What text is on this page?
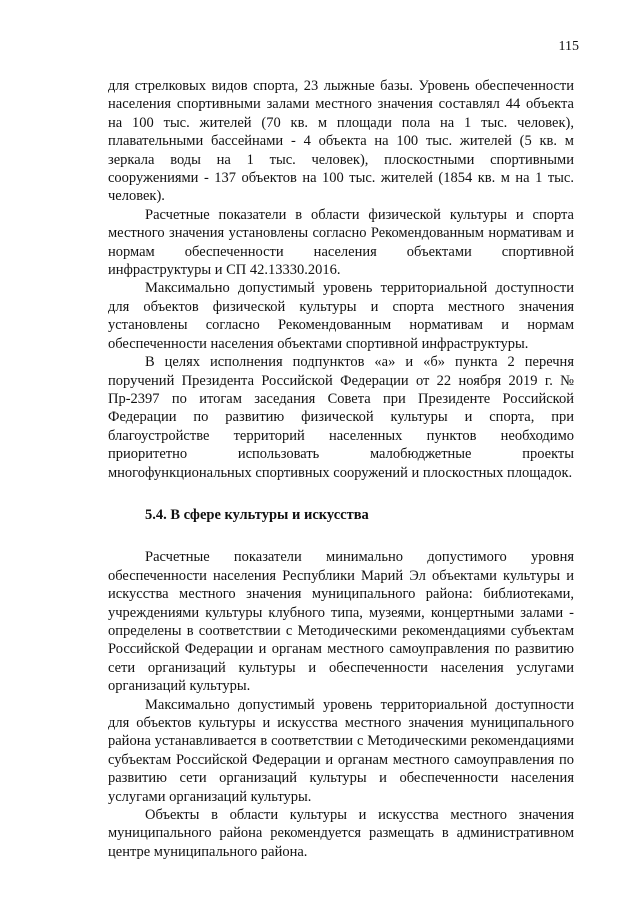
115

для стрелковых видов спорта, 23 лыжные базы. Уровень обеспеченности населения спортивными залами местного значения составлял 44 объекта на 100 тыс. жителей (70 кв. м площади пола на 1 тыс. человек), плавательными бассейнами - 4 объекта на 100 тыс. жителей (5 кв. м зеркала воды на 1 тыс. человек), плоскостными спортивными сооружениями - 137 объектов на 100 тыс. жителей (1854 кв. м на 1 тыс. человек).

Расчетные показатели в области физической культуры и спорта местного значения установлены согласно Рекомендованным нормативам и нормам обеспеченности населения объектами спортивной инфраструктуры и СП 42.13330.2016.

Максимально допустимый уровень территориальной доступности для объектов физической культуры и спорта местного значения установлены согласно Рекомендованным нормативам и нормам обеспеченности населения объектами спортивной инфраструктуры.

В целях исполнения подпунктов «а» и «б» пункта 2 перечня поручений Президента Российской Федерации от 22 ноября 2019 г. № Пр-2397 по итогам заседания Совета при Президенте Российской Федерации по развитию физической культуры и спорта, при благоустройстве территорий населенных пунктов необходимо приоритетно использовать малобюджетные проекты многофункциональных спортивных сооружений и плоскостных площадок.

5.4. В сфере культуры и искусства

Расчетные показатели минимально допустимого уровня обеспеченности населения Республики Марий Эл объектами культуры и искусства местного значения муниципального района: библиотеками, учреждениями культуры клубного типа, музеями, концертными залами - определены в соответствии с Методическими рекомендациями субъектам Российской Федерации и органам местного самоуправления по развитию сети организаций культуры и обеспеченности населения услугами организаций культуры.

Максимально допустимый уровень территориальной доступности для объектов культуры и искусства местного значения муниципального района устанавливается в соответствии с Методическими рекомендациями субъектам Российской Федерации и органам местного самоуправления по развитию сети организаций культуры и обеспеченности населения услугами организаций культуры.

Объекты в области культуры и искусства местного значения муниципального района рекомендуется размещать в административном центре муниципального района.
